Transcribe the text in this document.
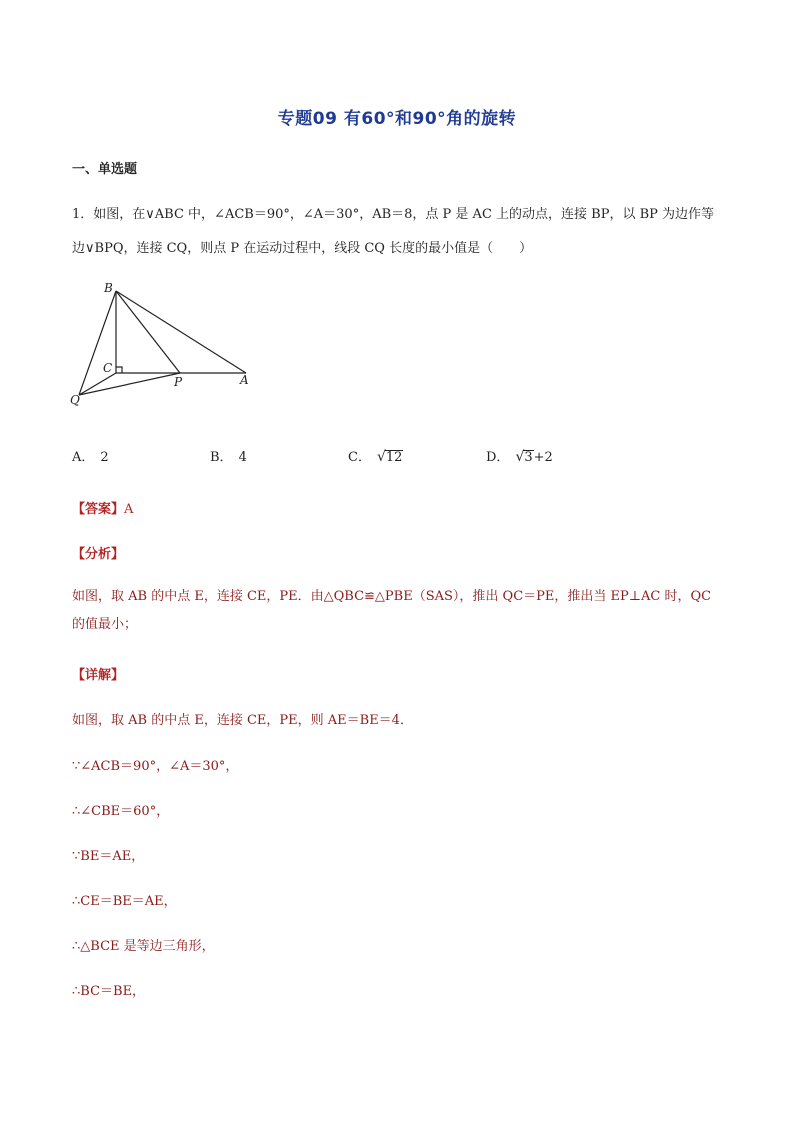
专题09 有60°和90°角的旋转
一、单选题
1．如图，在∨ABC 中，∠ACB＝90°，∠A＝30°，AB＝8，点 P 是 AC 上的动点，连接 BP，以 BP 为边作等边∨BPQ，连接 CQ，则点 P 在运动过程中，线段 CQ 长度的最小值是（　　）
B
C
P	A
Q
A． 2	B． 4	C． √12	D． √3+2
【答案】A
【分析】
如图，取 AB 的中点 E，连接 CE，PE．由△QBC≌△PBE（SAS），推出 QC＝PE，推出当 EP⊥AC 时，QC 的值最小；
【详解】
如图，取 AB 的中点 E，连接 CE，PE，则 AE＝BE＝4．
∵∠ACB＝90°，∠A＝30°，
∴∠CBE＝60°，
∵BE＝AE，
∴CE＝BE＝AE，
∴△BCE 是等边三角形，
∴BC＝BE，
